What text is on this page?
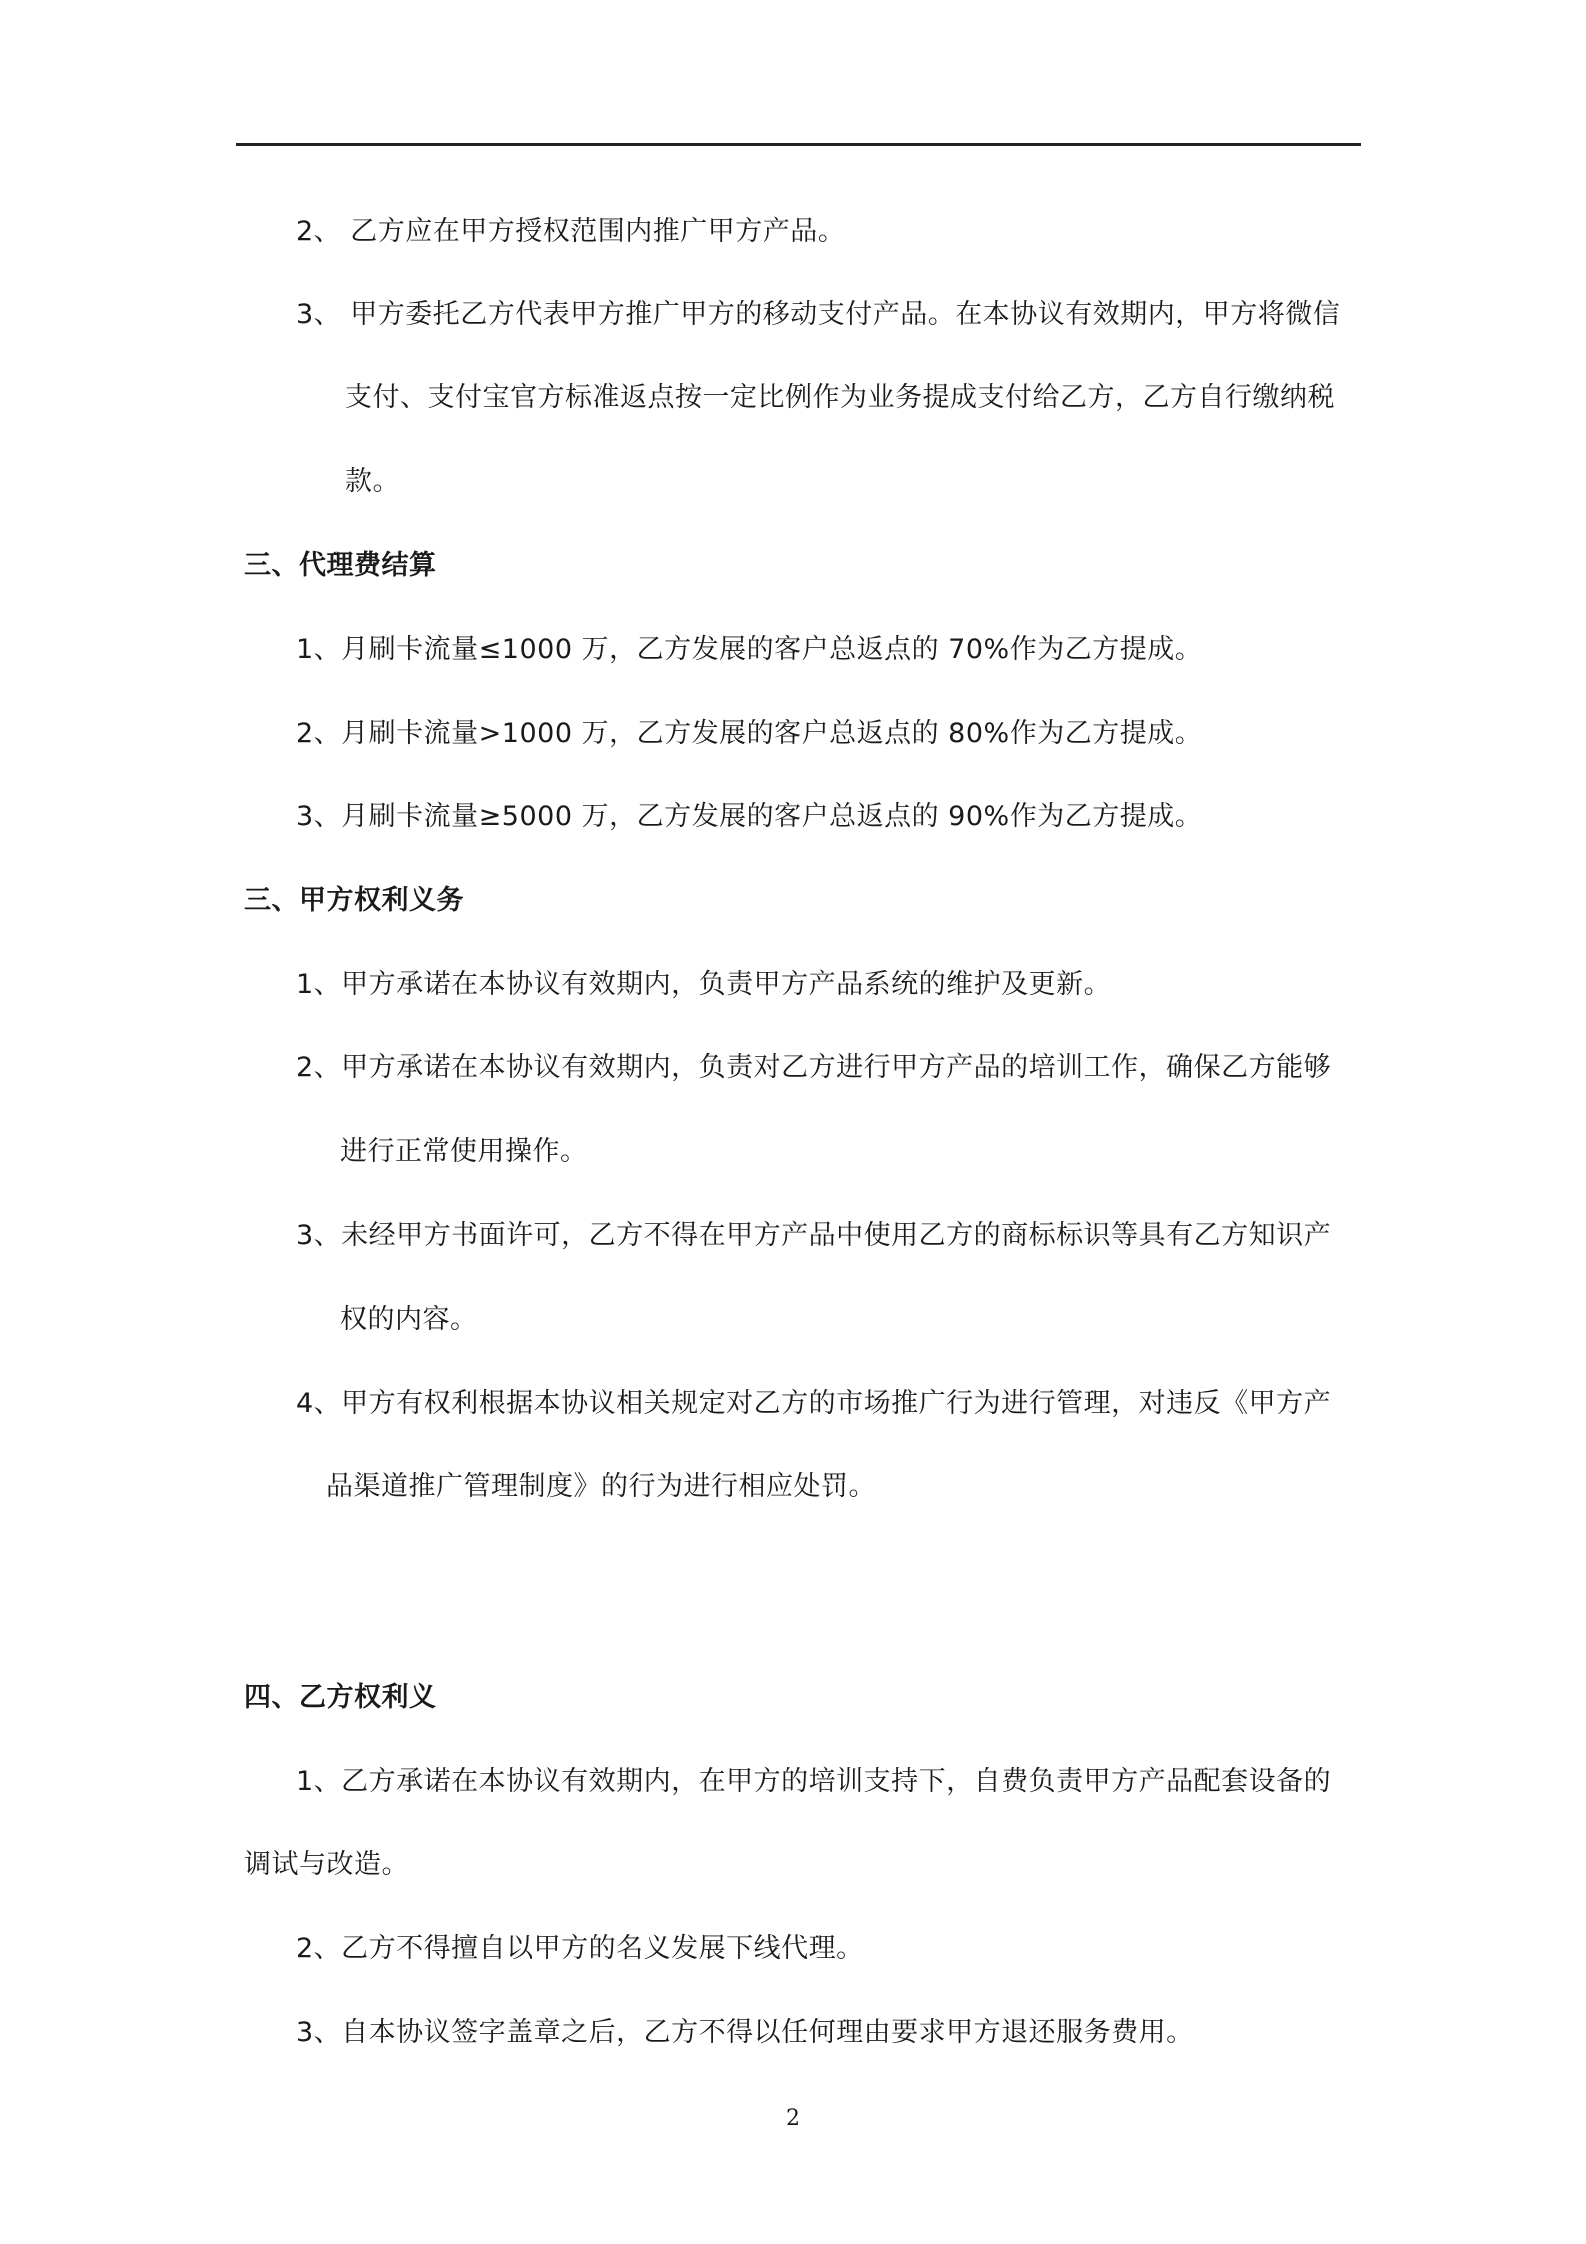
2、 乙方应在甲方授权范围内推广甲方产品。
3、 甲方委托乙方代表甲方推广甲方的移动支付产品。在本协议有效期内，甲方将微信
支付、支付宝官方标准返点按一定比例作为业务提成支付给乙方，乙方自行缴纳税
款。
三、代理费结算
1、月刷卡流量≤1000 万，乙方发展的客户总返点的 70%作为乙方提成。
2、月刷卡流量>1000 万，乙方发展的客户总返点的 80%作为乙方提成。
3、月刷卡流量≥5000 万，乙方发展的客户总返点的 90%作为乙方提成。
三、甲方权利义务
1、甲方承诺在本协议有效期内，负责甲方产品系统的维护及更新。
2、甲方承诺在本协议有效期内，负责对乙方进行甲方产品的培训工作，确保乙方能够
进行正常使用操作。
3、未经甲方书面许可，乙方不得在甲方产品中使用乙方的商标标识等具有乙方知识产
权的内容。
4、甲方有权利根据本协议相关规定对乙方的市场推广行为进行管理，对违反《甲方产
品渠道推广管理制度》的行为进行相应处罚。
四、乙方权利义
1、乙方承诺在本协议有效期内，在甲方的培训支持下，自费负责甲方产品配套设备的
调试与改造。
2、乙方不得擅自以甲方的名义发展下线代理。
3、自本协议签字盖章之后，乙方不得以任何理由要求甲方退还服务费用。
2
